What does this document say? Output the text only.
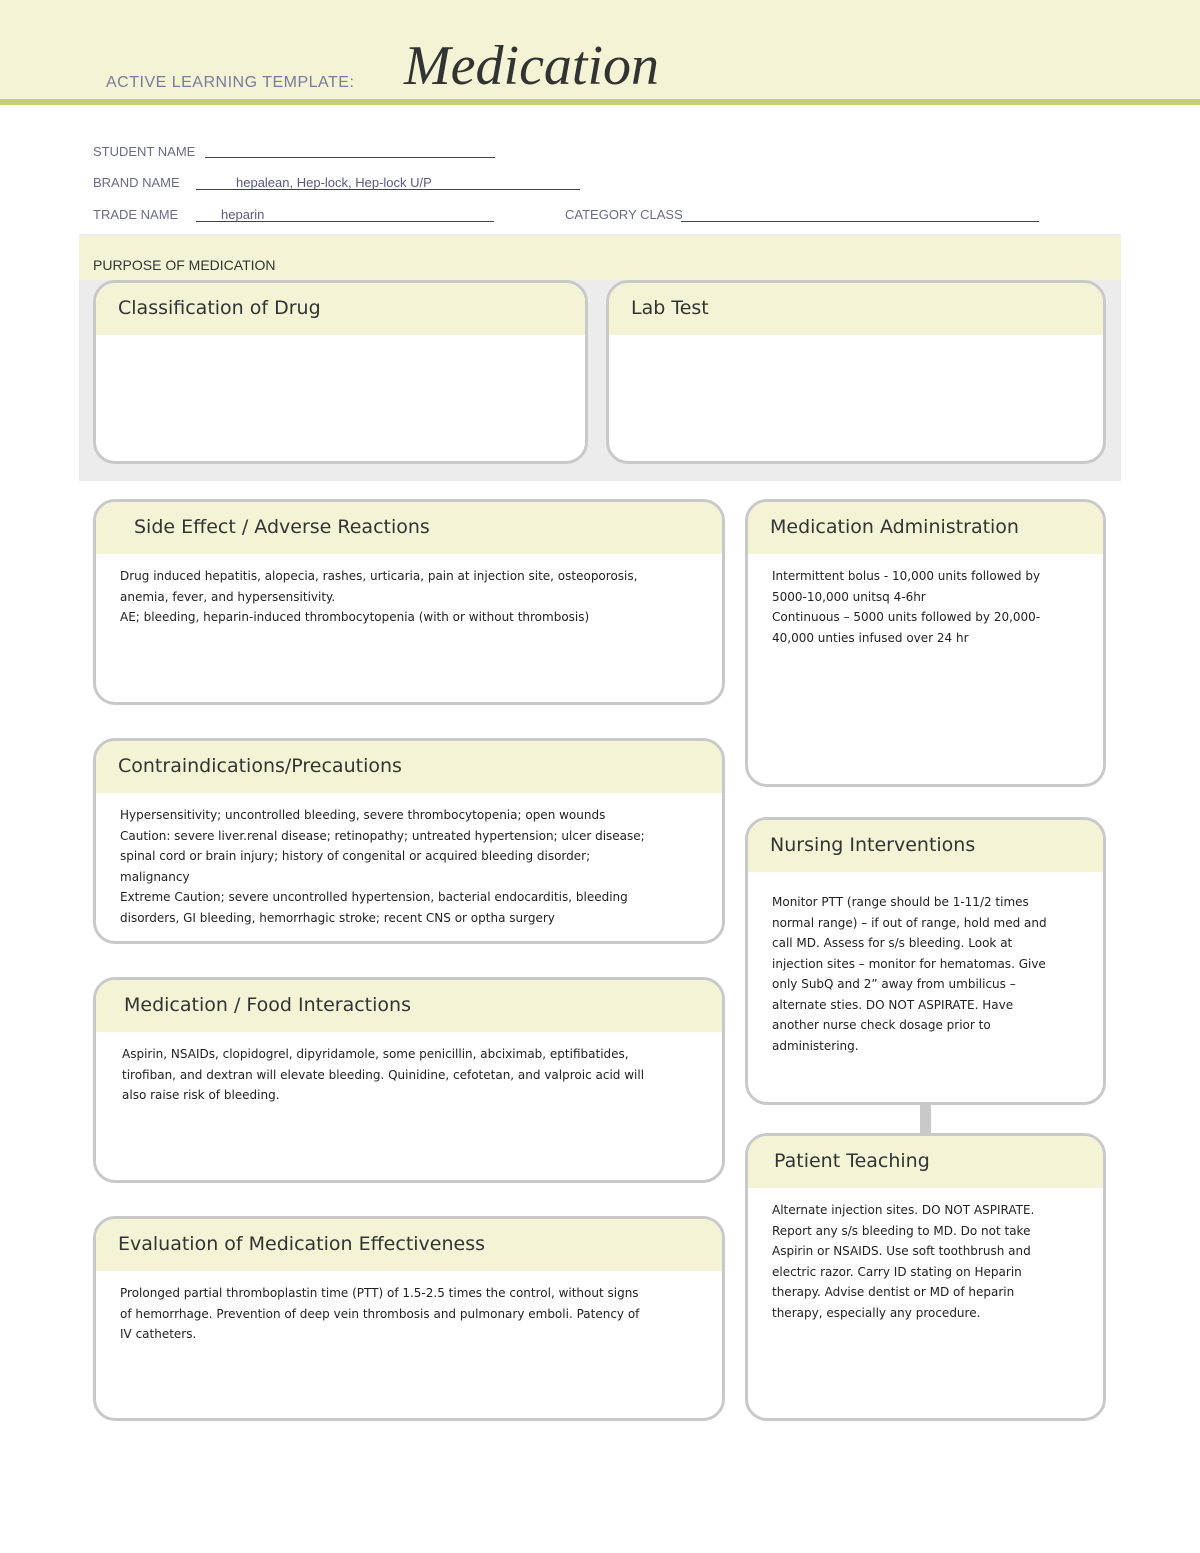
ACTIVE LEARNING TEMPLATE: Medication
STUDENT NAME
BRAND NAME	hepalean, Hep-lock, Hep-lock U/P
TRADE NAME	heparin	CATEGORY CLASS
PURPOSE OF MEDICATION
Classification of Drug	Lab Test
Side Effect / Adverse Reactions
Drug induced hepatitis, alopecia, rashes, urticaria, pain at injection site, osteoporosis,
anemia, fever, and hypersensitivity.
AE; bleeding, heparin-induced thrombocytopenia (with or without thrombosis)
Contraindications/Precautions
Hypersensitivity; uncontrolled bleeding, severe thrombocytopenia; open wounds
Caution: severe liver.renal disease; retinopathy; untreated hypertension; ulcer disease;
spinal cord or brain injury; history of congenital or acquired bleeding disorder;
malignancy
Extreme Caution; severe uncontrolled hypertension, bacterial endocarditis, bleeding
disorders, GI bleeding, hemorrhagic stroke; recent CNS or optha surgery
Medication / Food Interactions
Aspirin, NSAIDs, clopidogrel, dipyridamole, some penicillin, abciximab, eptifibatides,
tirofiban, and dextran will elevate bleeding. Quinidine, cefotetan, and valproic acid will
also raise risk of bleeding.
Evaluation of Medication Effectiveness
Prolonged partial thromboplastin time (PTT) of 1.5-2.5 times the control, without signs
of hemorrhage. Prevention of deep vein thrombosis and pulmonary emboli. Patency of
IV catheters.
Medication Administration
Intermittent bolus - 10,000 units followed by
5000-10,000 unitsq 4-6hr
Continuous – 5000 units followed by 20,000-
40,000 unties infused over 24 hr
Nursing Interventions
Monitor PTT (range should be 1-11/2 times
normal range) – if out of range, hold med and
call MD. Assess for s/s bleeding. Look at
injection sites – monitor for hematomas. Give
only SubQ and 2” away from umbilicus –
alternate sties. DO NOT ASPIRATE. Have
another nurse check dosage prior to
administering.
Patient Teaching
Alternate injection sites. DO NOT ASPIRATE.
Report any s/s bleeding to MD. Do not take
Aspirin or NSAIDS. Use soft toothbrush and
electric razor. Carry ID stating on Heparin
therapy. Advise dentist or MD of heparin
therapy, especially any procedure.
